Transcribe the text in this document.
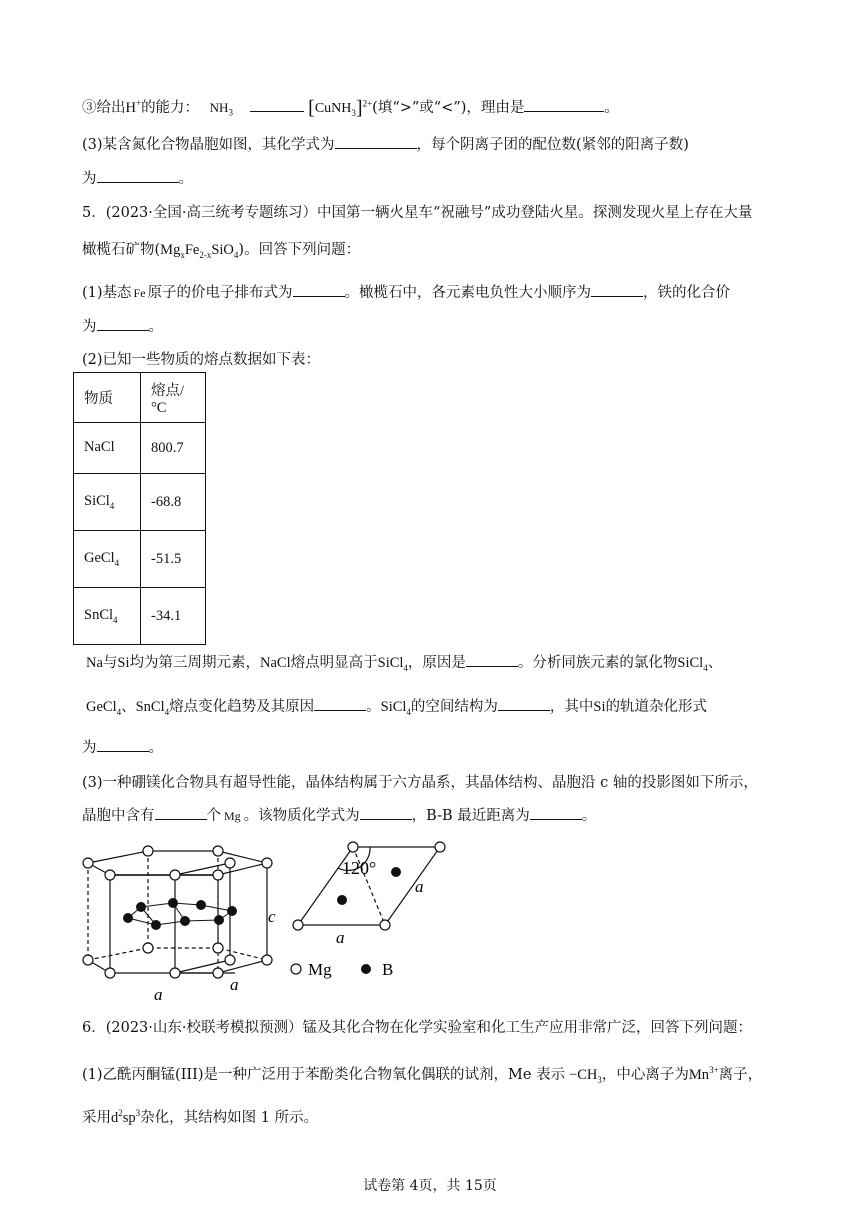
③给出H+的能力： $NH_3$	[CuNH$_3$]$^{2+}$(填“>”或“<”)，理由是	。
(3)某含氮化合物晶胞如图，其化学式为	，每个阴离子团的配位数(紧邻的阳离子数)
为	。
5．(2023·全国·高三统考专题练习）中国第一辆火星车“祝融号”成功登陆火星。探测发现火星上存在大量
橄榄石矿物$(Mg_xFe_{2-x}SiO_4)$。回答下列问题：
(1)基态 Fe 原子的价电子排布式为	。橄榄石中，各元素电负性大小顺序为	，铁的化合价
为	。
(2)已知一些物质的熔点数据如下表：
物质	熔点/°C
NaCl	800.7
SiCl$_4$	-68.8
GeCl$_4$	-51.5
SnCl$_4$	-34.1
Na与Si均为第三周期元素，NaCl熔点明显高于SiCl$_4$，原因是	。分析同族元素的氯化物SiCl$_4$、
GeCl$_4$、SnCl$_4$熔点变化趋势及其原因	。SiCl$_4$的空间结构为	，其中Si的轨道杂化形式
为	。
(3)一种硼镁化合物具有超导性能，晶体结构属于六方晶系，其晶体结构、晶胞沿 c 轴的投影图如下所示，
晶胞中含有	个 Mg 。该物质化学式为	，B-B 最近距离为	。
a
a
c
120°
a
a
Mg	B
6．(2023·山东·校联考模拟预测）锰及其化合物在化学实验室和化工生产应用非常广泛，回答下列问题：
(1)乙酰丙酮锰(III)是一种广泛用于苯酚类化合物氧化偶联的试剂，Me 表示 $-CH_3$，中心离子为$Mn^{3+}$离子，
采用$d^2sp^3$杂化，其结构如图 1 所示。
试卷第 4页，共 15页
